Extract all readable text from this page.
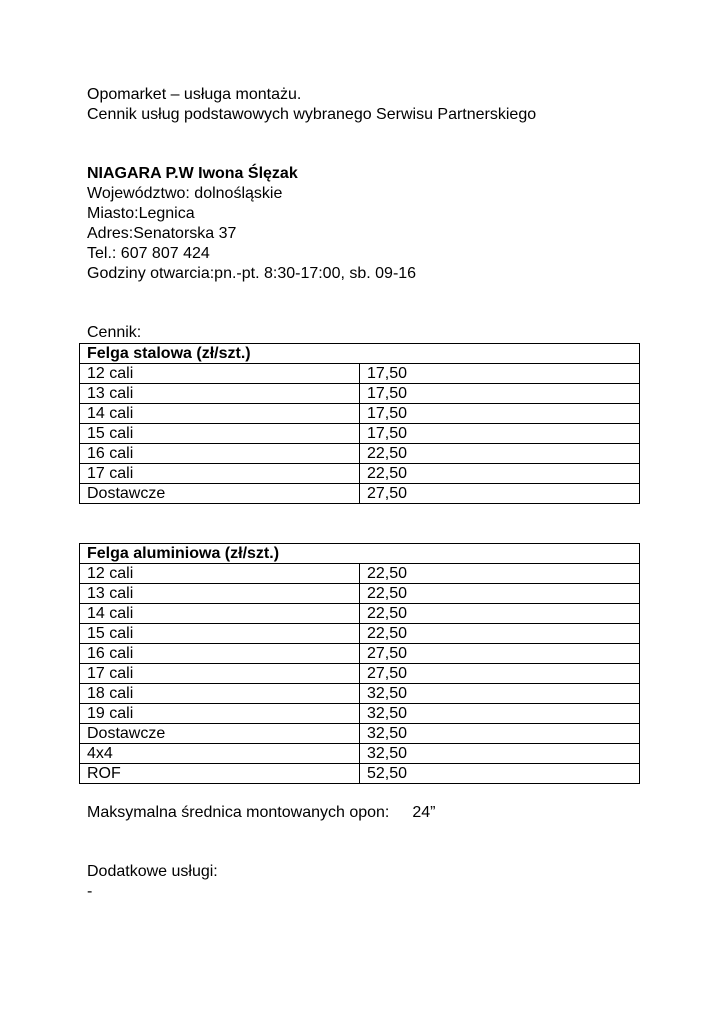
Opomarket – usługa montażu.
Cennik usług podstawowych wybranego Serwisu Partnerskiego
NIAGARA P.W Iwona Ślęzak
Województwo: dolnośląskie
Miasto:Legnica
Adres:Senatorska 37
Tel.: 607 807 424
Godziny otwarcia:pn.-pt. 8:30-17:00, sb. 09-16
Cennik:
Felga stalowa (zł/szt.)	
12 cali	17,50
13 cali	17,50
14 cali	17,50
15 cali	17,50
16 cali	22,50
17 cali	22,50
Dostawcze	27,50
Felga aluminiowa (zł/szt.)	
12 cali	22,50
13 cali	22,50
14 cali	22,50
15 cali	22,50
16 cali	27,50
17 cali	27,50
18 cali	32,50
19 cali	32,50
Dostawcze	32,50
4x4	32,50
ROF	52,50
Maksymalna średnica montowanych opon: 24”
Dodatkowe usługi:
-
